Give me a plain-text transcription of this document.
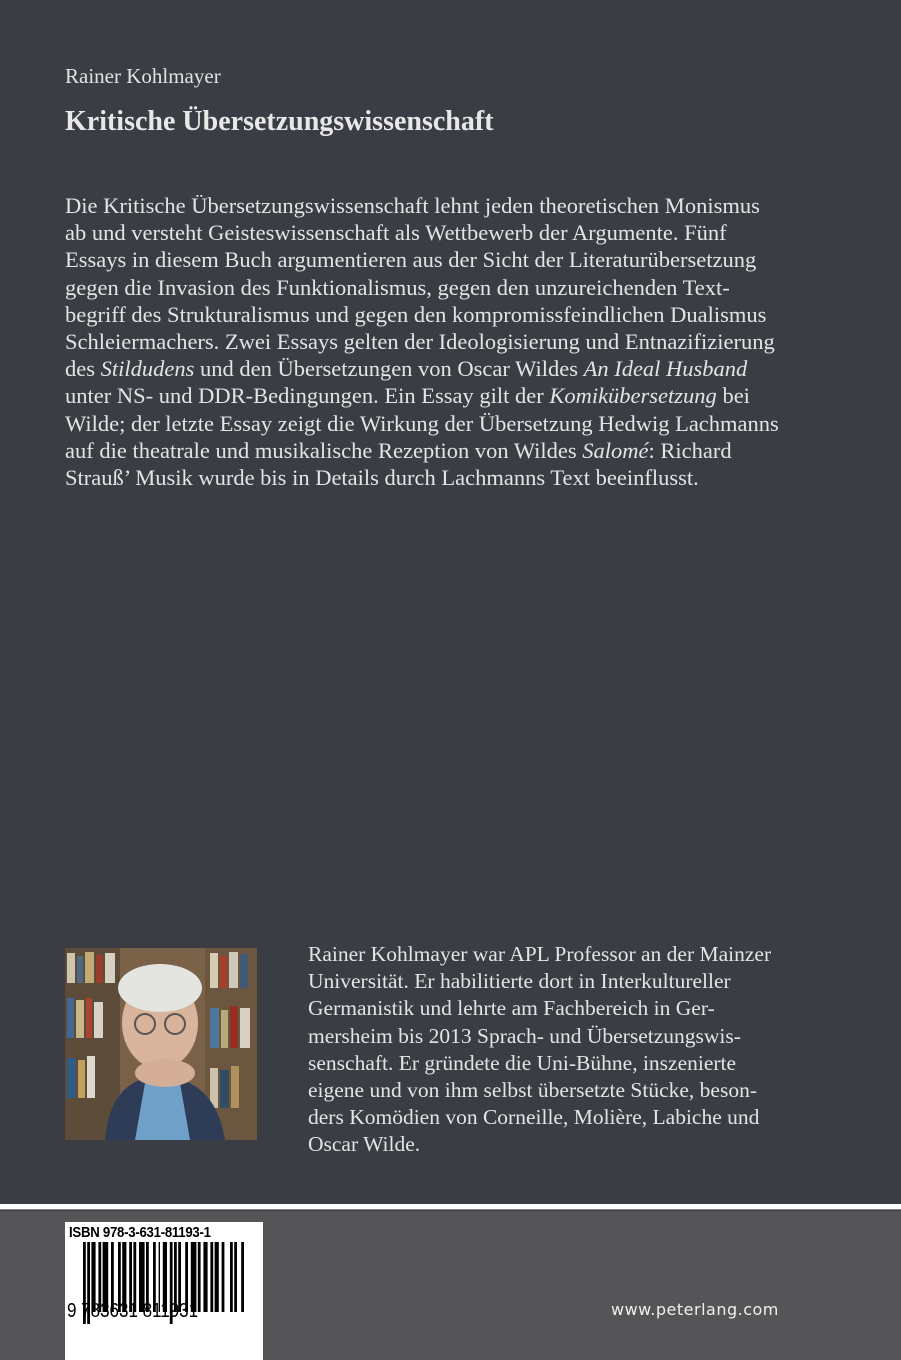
Rainer Kohlmayer
Kritische Übersetzungswissenschaft
Die Kritische Übersetzungswissenschaft lehnt jeden theoretischen Monismus
ab und versteht Geisteswissenschaft als Wettbewerb der Argumente. Fünf
Essays in diesem Buch argumentieren aus der Sicht der Literaturübersetzung
gegen die Invasion des Funktionalismus, gegen den unzureichenden Text-
begriff des Strukturalismus und gegen den kompromissfeindlichen Dualismus
Schleiermachers. Zwei Essays gelten der Ideologisierung und Entnazifizierung
des Stildudens und den Übersetzungen von Oscar Wildes An Ideal Husband
unter NS- und DDR-Bedingungen. Ein Essay gilt der Komikübersetzung bei
Wilde; der letzte Essay zeigt die Wirkung der Übersetzung Hedwig Lachmanns
auf die theatrale und musikalische Rezeption von Wildes Salomé: Richard
Strauß’ Musik wurde bis in Details durch Lachmanns Text beeinflusst.
Rainer Kohlmayer war APL Professor an der Mainzer
Universität. Er habilitierte dort in Interkultureller
Germanistik und lehrte am Fachbereich in Ger-
mersheim bis 2013 Sprach- und Übersetzungswis-
senschaft. Er gründete die Uni-Bühne, inszenierte
eigene und von ihm selbst übersetzte Stücke, beson-
ders Komödien von Corneille, Molière, Labiche und
Oscar Wilde.
ISBN 978-3-631-81193-1
9 783631 811931	www.peterlang.com
